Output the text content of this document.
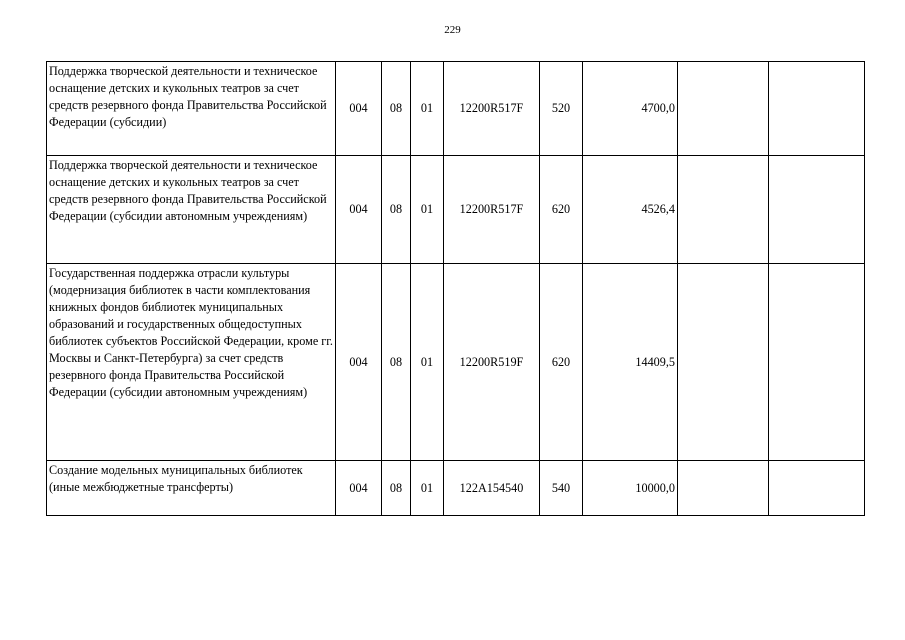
229
Поддержка творческой деятельности и техническое оснащение детских и кукольных театров за счет средств резервного фонда Правительства Российской Федерации (субсидии)	004	08	01	12200R517F	520	4700,0		
Поддержка творческой деятельности и техническое оснащение детских и кукольных театров за счет средств резервного фонда Правительства Российской Федерации (субсидии автономным учреждениям)	004	08	01	12200R517F	620	4526,4		
Государственная поддержка отрасли культуры (модернизация библиотек в части комплектования книжных фондов библиотек муниципальных образований и государственных общедоступных библиотек субъектов Российской Федерации, кроме гг. Москвы и Санкт-Петербурга) за счет средств резервного фонда Правительства Российской Федерации (субсидии автономным учреждениям)	004	08	01	12200R519F	620	14409,5		
Создание модельных муниципальных библиотек (иные межбюджетные трансферты)	004	08	01	122A154540	540	10000,0		
